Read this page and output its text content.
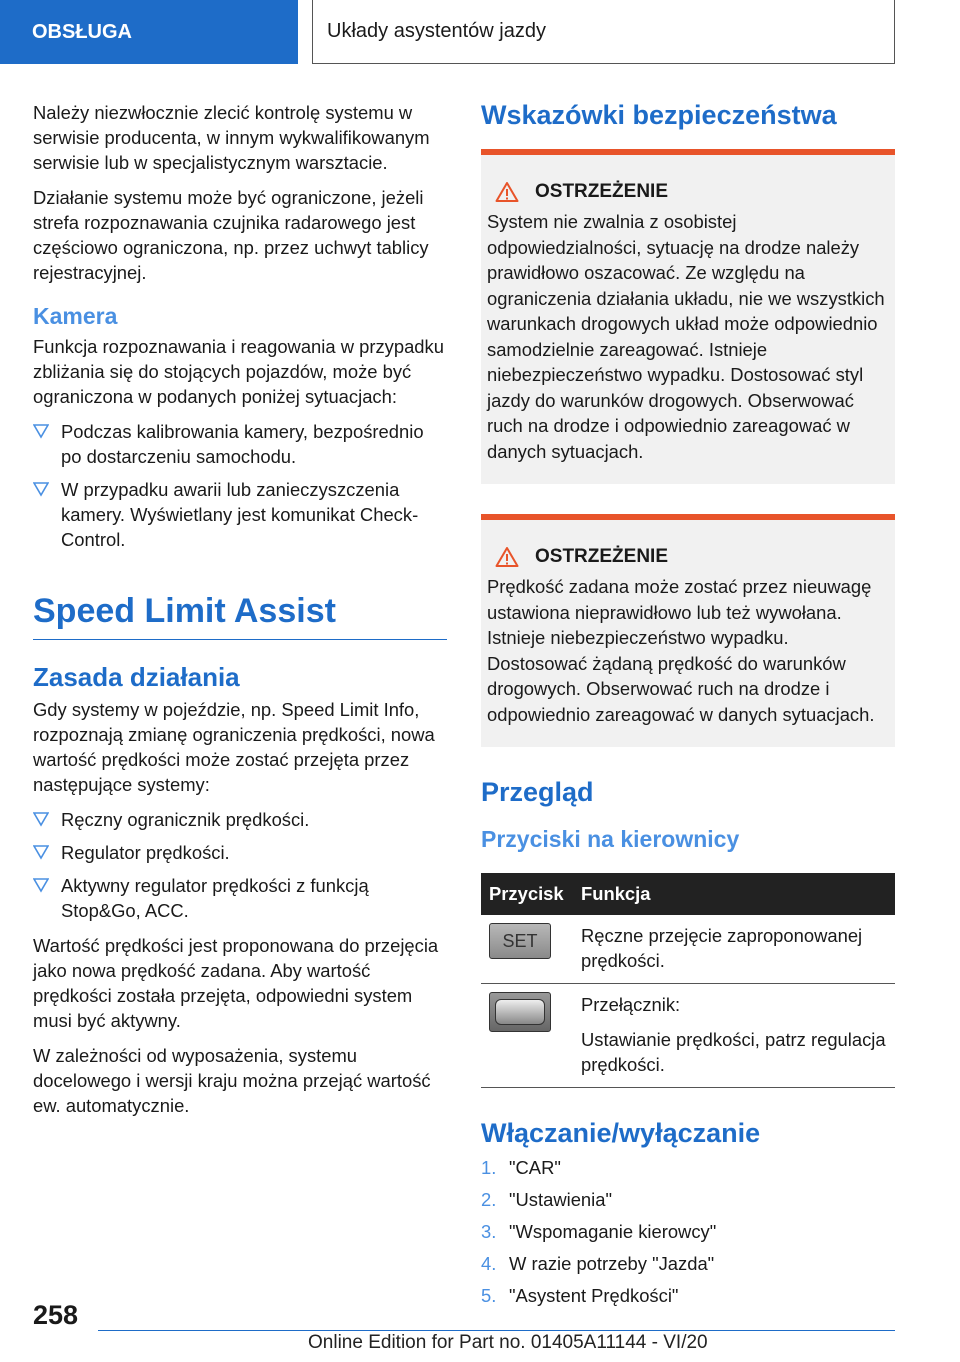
OBSŁUGA	Układy asystentów jazdy

Należy niezwłocznie zlecić kontrolę systemu w serwisie producenta, w innym wykwalifikowanym serwisie lub w specjalistycznym warsztacie.

Działanie systemu może być ograniczone, jeżeli strefa rozpoznawania czujnika radarowego jest częściowo ograniczona, np. przez uchwyt tablicy rejestracyjnej.

Kamera

Funkcja rozpoznawania i reagowania w przypadku zbliżania się do stojących pojazdów, może być ograniczona w podanych poniżej sytuacjach:

Podczas kalibrowania kamery, bezpośrednio po dostarczeniu samochodu.
W przypadku awarii lub zanieczyszczenia kamery. Wyświetlany jest komunikat Check-Control.
Speed Limit Assist
Zasada działania

Gdy systemy w pojeździe, np. Speed Limit Info, rozpoznają zmianę ograniczenia prędkości, nowa wartość prędkości może zostać przejęta przez następujące systemy:

Ręczny ogranicznik prędkości.
Regulator prędkości.
Aktywny regulator prędkości z funkcją Stop&Go, ACC.

Wartość prędkości jest proponowana do przejęcia jako nowa prędkość zadana. Aby wartość prędkości została przejęta, odpowiedni system musi być aktywny.

W zależności od wyposażenia, systemu docelowego i wersji kraju można przejąć wartość ew. automatycznie.

Wskazówki bezpieczeństwa
OSTRZEŻENIE

System nie zwalnia z osobistej odpowiedzialności, sytuację na drodze należy prawidłowo oszacować. Ze względu na ograniczenia działania układu, nie we wszystkich warunkach drogowych układ może odpowiednio samodzielnie zareagować. Istnieje niebezpieczeństwo wypadku. Dostosować styl jazdy do warunków drogowych. Obserwować ruch na drodze i odpowiednio zareagować w danych sytuacjach.

OSTRZEŻENIE

Prędkość zadana może zostać przez nieuwagę ustawiona nieprawidłowo lub też wywołana. Istnieje niebezpieczeństwo wypadku. Dostosować żądaną prędkość do warunków drogowych. Obserwować ruch na drodze i odpowiednio zareagować w danych sytuacjach.

Przegląd
Przyciski na kierownicy
Przycisk	Funkcja

SET	Ręczne przejęcie zaproponowanej prędkości.

	Przełącznik:
Ustawianie prędkości, patrz regulacja prędkości.
Włączanie/wyłączanie
1. "CAR"
2. "Ustawienia"
3. "Wspomaganie kierowcy"
4. W razie potrzeby "Jazda"
5. "Asystent Prędkości"
258
Online Edition for Part no. 01405A11144 - VI/20
